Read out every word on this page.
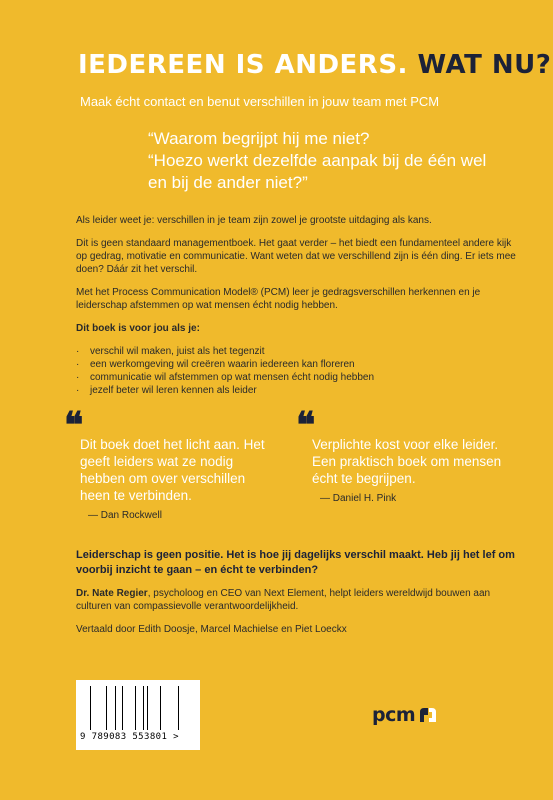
IEDEREEN IS ANDERS. WAT NU?
Maak écht contact en benut verschillen in jouw team met PCM
“Waarom begrijpt hij me niet?
“Hoezo werkt dezelfde aanpak bij de één wel
en bij de ander niet?”

Als leider weet je: verschillen in je team zijn zowel je grootste uitdaging als kans.

Dit is geen standaard managementboek. Het gaat verder – het biedt een fundamenteel andere kijk op gedrag, motivatie en communicatie. Want weten dat we verschillend zijn is één ding. Er iets mee doen? Dáár zit het verschil.

Met het Process Communication Model® (PCM) leer je gedragsverschillen herkennen en je leiderschap afstemmen op wat mensen écht nodig hebben.

Dit boek is voor jou als je:

· verschil wil maken, juist als het tegenzit
· een werkomgeving wil creëren waarin iedereen kan floreren
· communicatie wil afstemmen op wat mensen écht nodig hebben
· jezelf beter wil leren kennen als leider
❝
Dit boek doet het licht aan. Het geeft leiders wat ze nodig hebben om over verschillen heen te verbinden.
— Dan Rockwell
❝
Verplichte kost voor elke leider. Een praktisch boek om mensen écht te begrijpen.
— Daniel H. Pink
Leiderschap is geen positie. Het is hoe jij dagelijks verschil maakt. Heb jij het lef om voorbij inzicht te gaan – en écht te verbinden?
Dr. Nate Regier, psycholoog en CEO van Next Element, helpt leiders wereldwijd bouwen aan culturen van compassievolle verantwoordelijkheid.
Vertaald door Edith Doosje, Marcel Machielse en Piet Loeckx
9 789083 553801 >
pcm
